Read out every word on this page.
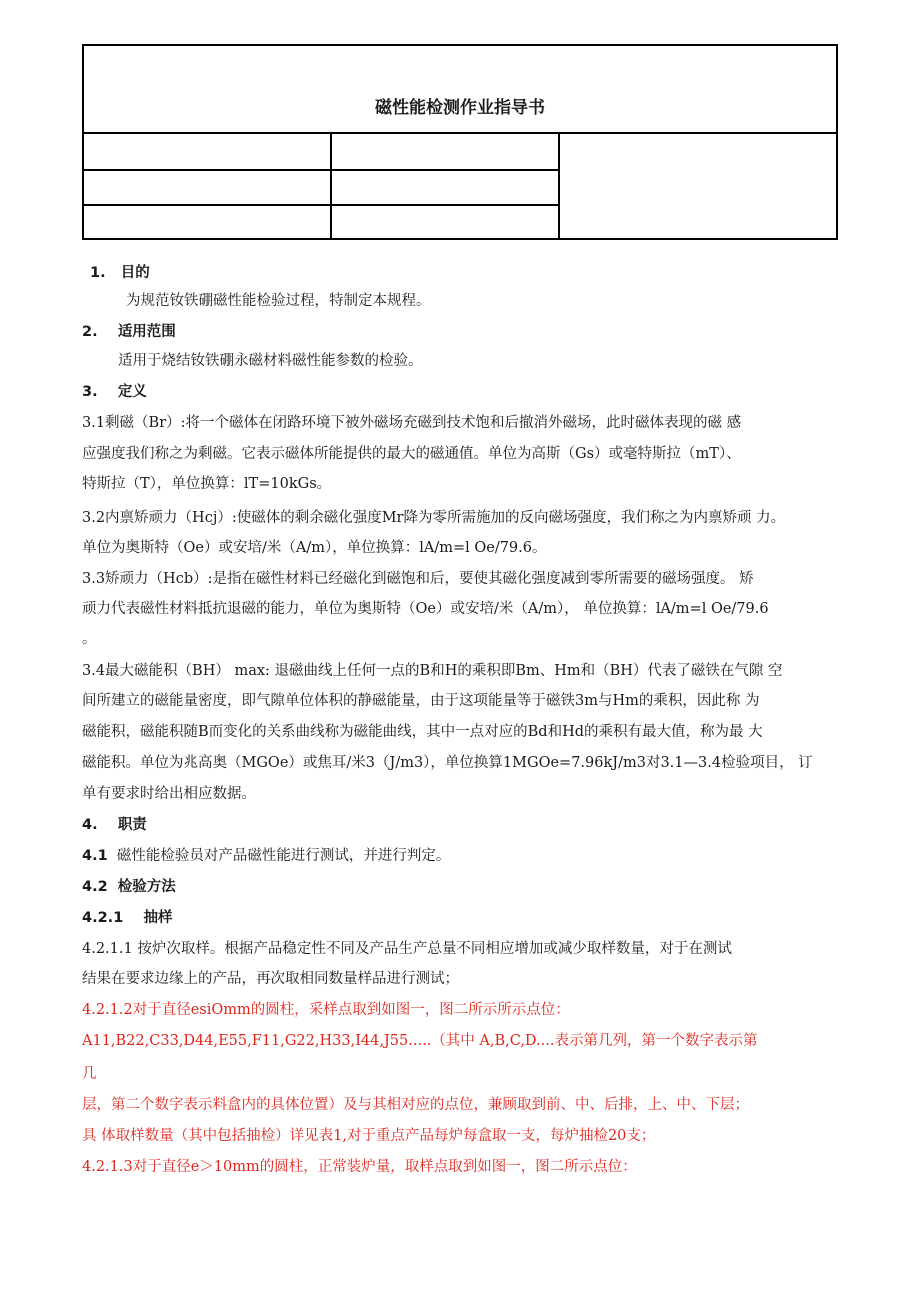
磁性能检测作业指导书
1. 目的
为规范钕铁硼磁性能检验过程，特制定本规程。
2. 适用范围
适用于烧结钕铁硼永磁材料磁性能参数的检验。
3. 定义
3.1剩磁（Br）:将一个磁体在闭路环境下被外磁场充磁到技术饱和后撤消外磁场，此时磁体表现的磁 感
应强度我们称之为剩磁。它表示磁体所能提供的最大的磁通值。单位为高斯（Gs）或毫特斯拉（mT）、
特斯拉（T），单位换算：lT=10kGs。
3.2内禀矫顽力（Hcj）:使磁体的剩余磁化强度Mr降为零所需施加的反向磁场强度，我们称之为内禀矫顽 力。
单位为奥斯特（Oe）或安培/米（A/m），单位换算：lA/m=l Oe/79.6。
3.3矫顽力（Hcb）:是指在磁性材料已经磁化到磁饱和后，要使其磁化强度减到零所需要的磁场强度。 矫
顽力代表磁性材料抵抗退磁的能力，单位为奥斯特（Oe）或安培/米（A/m）， 单位换算：lA/m=l Oe/79.6
。
3.4最大磁能积（BH） max: 退磁曲线上任何一点的B和H的乘积即Bm、Hm和（BH）代表了磁铁在气隙 空
间所建立的磁能量密度，即气隙单位体积的静磁能量，由于这项能量等于磁铁3m与Hm的乘积，因此称 为
磁能积，磁能积随B而变化的关系曲线称为磁能曲线，其中一点对应的Bd和Hd的乘积有最大值，称为最 大
磁能积。单位为兆高奥（MGOe）或焦耳/米3（J/m3），单位换算1MGOe=7.96kJ/m3对3.1—3.4检验项目， 订
单有要求时给出相应数据。
4. 职责
4.1 磁性能检验员对产品磁性能进行测试，并进行判定。
4.2 检验方法
4.2.1 抽样
4.2.1.1 按炉次取样。根据产品稳定性不同及产品生产总量不同相应增加或减少取样数量，对于在测试
结果在要求边缘上的产品，再次取相同数量样品进行测试；
4.2.1.2对于直径esiOmm的圆柱，采样点取到如图一，图二所示所示点位：
A11,B22,C33,D44,E55,F11,G22,H33,I44,J55.....（其中 A,B,C,D....表示第几列，第一个数字表示第
几
层，第二个数字表示料盒内的具体位置）及与其相对应的点位，兼顾取到前、中、后排，上、中、下层；
具 体取样数量（其中包括抽检）详见表1,对于重点产品每炉每盒取一支，每炉抽检20支；
4.2.1.3对于直径e＞10mm的圆柱，正常装炉量，取样点取到如图一，图二所示点位：
